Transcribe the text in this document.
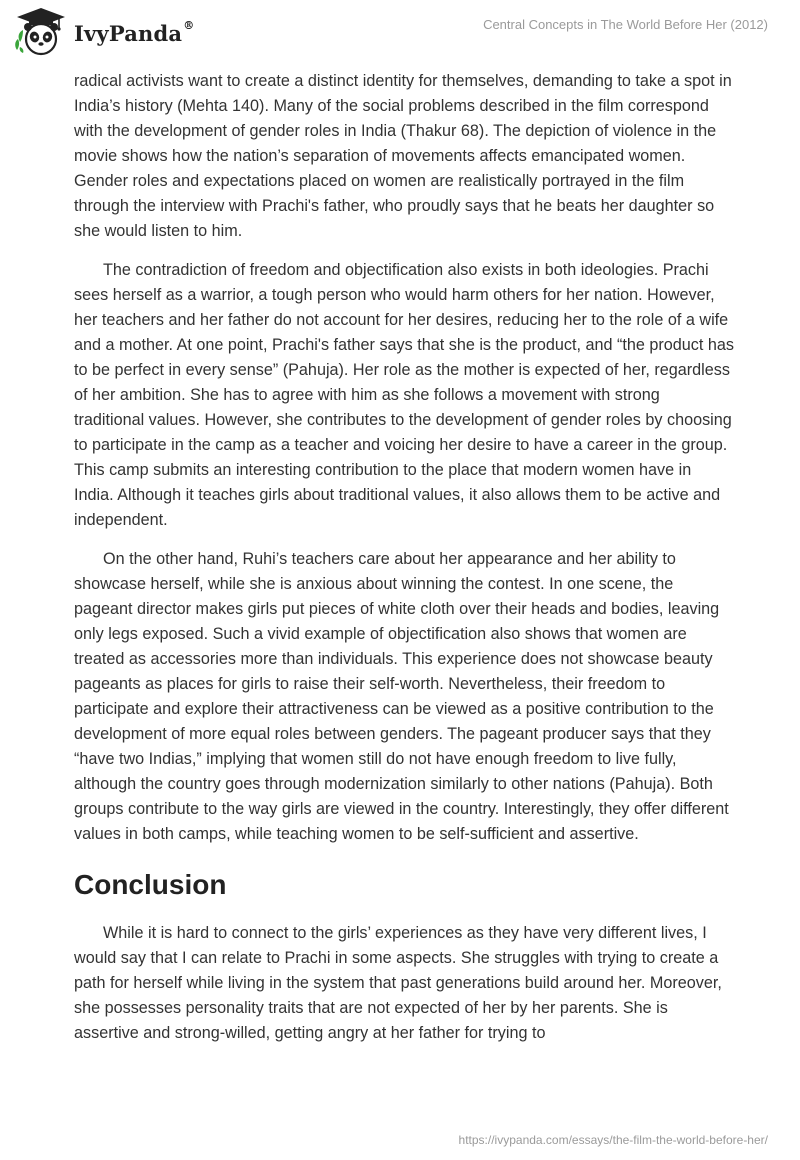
IvyPanda®	Central Concepts in The World Before Her (2012)

radical activists want to create a distinct identity for themselves, demanding to take a spot in India’s history (Mehta 140). Many of the social problems described in the film correspond with the development of gender roles in India (Thakur 68). The depiction of violence in the movie shows how the nation’s separation of movements affects emancipated women. Gender roles and expectations placed on women are realistically portrayed in the film through the interview with Prachi's father, who proudly says that he beats her daughter so she would listen to him.

The contradiction of freedom and objectification also exists in both ideologies. Prachi sees herself as a warrior, a tough person who would harm others for her nation. However, her teachers and her father do not account for her desires, reducing her to the role of a wife and a mother. At one point, Prachi's father says that she is the product, and “the product has to be perfect in every sense” (Pahuja). Her role as the mother is expected of her, regardless of her ambition. She has to agree with him as she follows a movement with strong traditional values. However, she contributes to the development of gender roles by choosing to participate in the camp as a teacher and voicing her desire to have a career in the group. This camp submits an interesting contribution to the place that modern women have in India. Although it teaches girls about traditional values, it also allows them to be active and independent.

On the other hand, Ruhi’s teachers care about her appearance and her ability to showcase herself, while she is anxious about winning the contest. In one scene, the pageant director makes girls put pieces of white cloth over their heads and bodies, leaving only legs exposed. Such a vivid example of objectification also shows that women are treated as accessories more than individuals. This experience does not showcase beauty pageants as places for girls to raise their self-worth. Nevertheless, their freedom to participate and explore their attractiveness can be viewed as a positive contribution to the development of more equal roles between genders. The pageant producer says that they “have two Indias,” implying that women still do not have enough freedom to live fully, although the country goes through modernization similarly to other nations (Pahuja). Both groups contribute to the way girls are viewed in the country. Interestingly, they offer different values in both camps, while teaching women to be self-sufficient and assertive.

Conclusion

While it is hard to connect to the girls’ experiences as they have very different lives, I would say that I can relate to Prachi in some aspects. She struggles with trying to create a path for herself while living in the system that past generations build around her. Moreover, she possesses personality traits that are not expected of her by her parents. She is assertive and strong-willed, getting angry at her father for trying to

https://ivypanda.com/essays/the-film-the-world-before-her/
